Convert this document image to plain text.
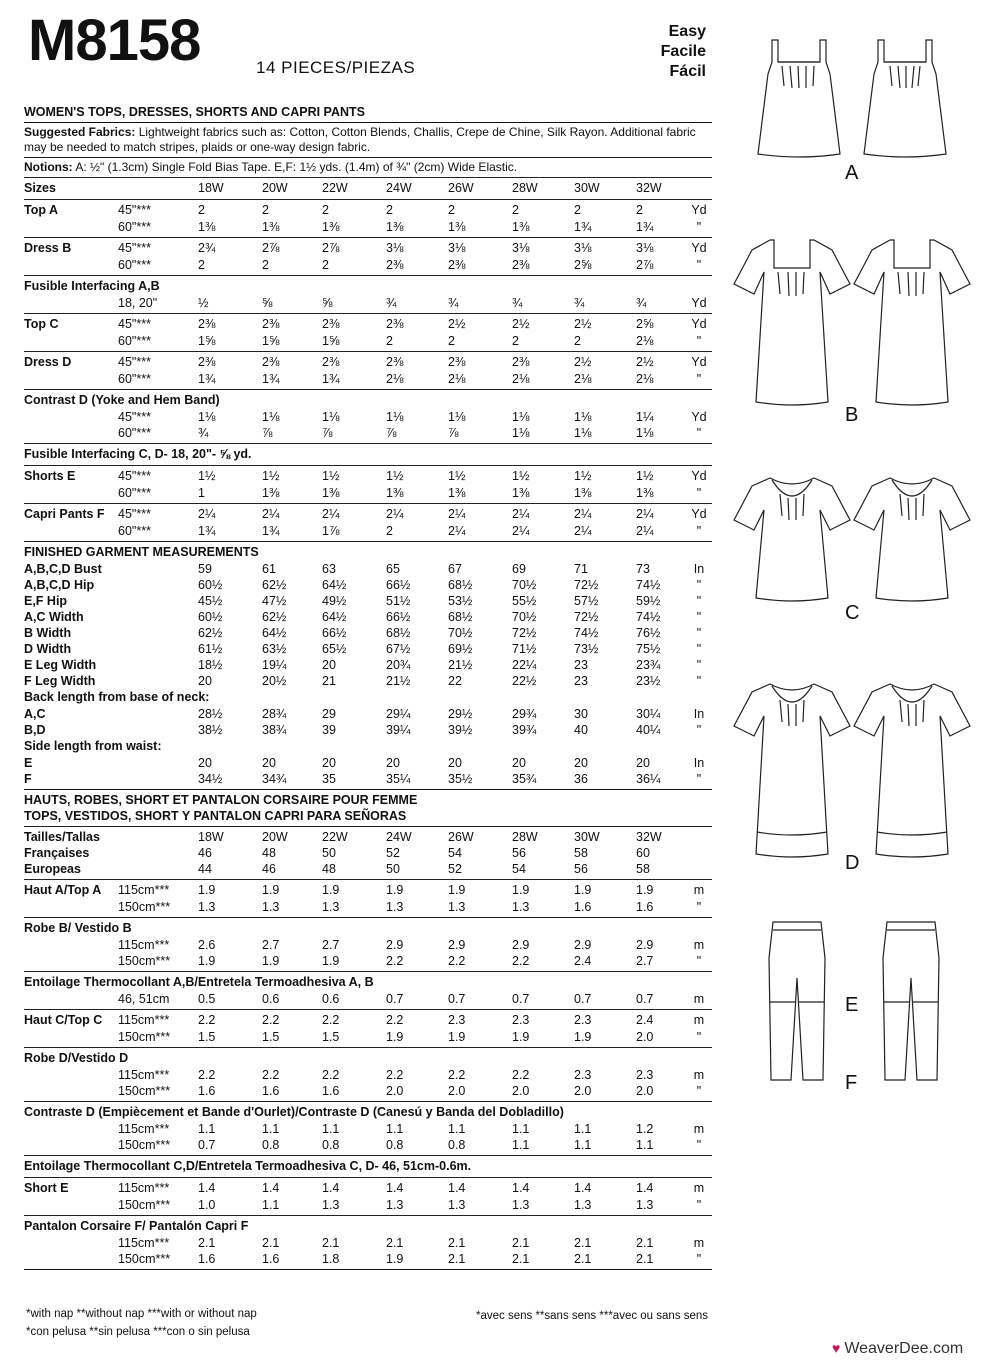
M8158	14 PIECES/PIEZAS
Easy
Facile
Fácil
WOMEN'S TOPS, DRESSES, SHORTS AND CAPRI PANTS
Suggested Fabrics: Lightweight fabrics such as: Cotton, Cotton Blends, Challis, Crepe de Chine, Silk Rayon. Additional fabric may be needed to match stripes, plaids or one-way design fabric.
Notions: A: ½" (1.3cm) Single Fold Bias Tape. E,F: 1½ yds. (1.4m) of ¾" (2cm) Wide Elastic.
Sizes	18W	20W	22W	24W	26W	28W	30W	32W
Top A	45"***	2	2	2	2	2	2	2	2	Yd
60"***	1⅜	1⅜	1⅜	1⅜	1⅜	1⅜	1¾	1¾	"
Dress B	45"***	2¾	2⅞	2⅞	3⅛	3⅛	3⅛	3⅛	3⅛	Yd
60"***	2	2	2	2⅜	2⅜	2⅜	2⅝	2⅞	"
Fusible Interfacing A,B
18, 20"	½	⅝	⅝	¾	¾	¾	¾	¾	Yd
Top C	45"***	2⅜	2⅜	2⅜	2⅜	2½	2½	2½	2⅝	Yd
60"***	1⅝	1⅝	1⅝	2	2	2	2	2⅛	"
Dress D	45"***	2⅜	2⅜	2⅜	2⅜	2⅜	2⅜	2½	2½	Yd
60"***	1¾	1¾	1¾	2⅛	2⅛	2⅛	2⅛	2⅛	"
Contrast D (Yoke and Hem Band)
45"***	1⅛	1⅛	1⅛	1⅛	1⅛	1⅛	1⅛	1¼	Yd
60"***	¾	⅞	⅞	⅞	⅞	1⅛	1⅛	1⅛	"
Fusible Interfacing C, D- 18, 20"- ⅝ yd.
Shorts E	45"***	1½	1½	1½	1½	1½	1½	1½	1½	Yd
60"***	1	1⅜	1⅜	1⅜	1⅜	1⅜	1⅜	1⅜	"
Capri Pants F 45"***	2¼	2¼	2¼	2¼	2¼	2¼	2¼	2¼	Yd
60"***	1¾	1¾	1⅞	2	2¼	2¼	2¼	2¼	"
FINISHED GARMENT MEASUREMENTS
A,B,C,D Bust	59	61	63	65	67	69	71	73	In
A,B,C,D Hip	60½	62½	64½	66½	68½	70½	72½	74½	"
E,F Hip	45½	47½	49½	51½	53½	55½	57½	59½	"
A,C Width	60½	62½	64½	66½	68½	70½	72½	74½	"
B Width	62½	64½	66½	68½	70½	72½	74½	76½	"
D Width	61½	63½	65½	67½	69½	71½	73½	75½	"
E Leg Width	18½	19¼	20	20¾	21½	22¼	23	23¾	"
F Leg Width	20	20½	21	21½	22	22½	23	23½	"
Back length from base of neck:
A,C	28½	28¾	29	29¼	29½	29¾	30	30¼	In
B,D	38½	38¾	39	39¼	39½	39¾	40	40¼	"
Side length from waist:
E	20	20	20	20	20	20	20	20	In
F	34½	34¾	35	35¼	35½	35¾	36	36¼	"
HAUTS, ROBES, SHORT ET PANTALON CORSAIRE POUR FEMME
TOPS, VESTIDOS, SHORT Y PANTALON CAPRI PARA SEÑORAS
Tailles/Tallas	18W	20W	22W	24W	26W	28W	30W	32W
Françaises	46	48	50	52	54	56	58	60
Europeas	44	46	48	50	52	54	56	58
Haut A/Top A 115cm*** 1.9	1.9	1.9	1.9	1.9	1.9	1.9	1.9	m
150cm*** 1.3	1.3	1.3	1.3	1.3	1.3	1.6	1.6	"
Robe B/ Vestido B
115cm*** 2.6	2.7	2.7	2.9	2.9	2.9	2.9	2.9	m
150cm*** 1.9	1.9	1.9	2.2	2.2	2.2	2.4	2.7	"
Entoilage Thermocollant A,B/Entretela Termoadhesiva A, B
46, 51cm 0.5	0.6	0.6	0.7	0.7	0.7	0.7	0.7	m
Haut C/Top C 115cm*** 2.2	2.2	2.2	2.2	2.3	2.3	2.3	2.4	m
150cm*** 1.5	1.5	1.5	1.9	1.9	1.9	1.9	2.0	"
Robe D/Vestido D
115cm*** 2.2	2.2	2.2	2.2	2.2	2.2	2.3	2.3	m
150cm*** 1.6	1.6	1.6	2.0	2.0	2.0	2.0	2.0	"
Contraste D (Empiècement et Bande d'Ourlet)/Contraste D (Canesú y Banda del Dobladillo)
115cm*** 1.1	1.1	1.1	1.1	1.1	1.1	1.1	1.2	m
150cm*** 0.7	0.8	0.8	0.8	0.8	1.1	1.1	1.1	"
Entoilage Thermocollant C,D/Entretela Termoadhesiva C, D- 46, 51cm-0.6m.
Short E	115cm*** 1.4	1.4	1.4	1.4	1.4	1.4	1.4	1.4	m
150cm*** 1.0	1.1	1.3	1.3	1.3	1.3	1.3	1.3	"
Pantalon Corsaire F/ Pantalón Capri F
115cm*** 2.1	2.1	2.1	2.1	2.1	2.1	2.1	2.1	m
150cm*** 1.6	1.6	1.8	1.9	2.1	2.1	2.1	2.1	"
A
B
C
D
E
F
*with nap **without nap ***with or without nap
*con pelusa **sin pelusa ***con o sin pelusa
*avec sens **sans sens ***avec ou sans sens
♥ WeaverDee.com
